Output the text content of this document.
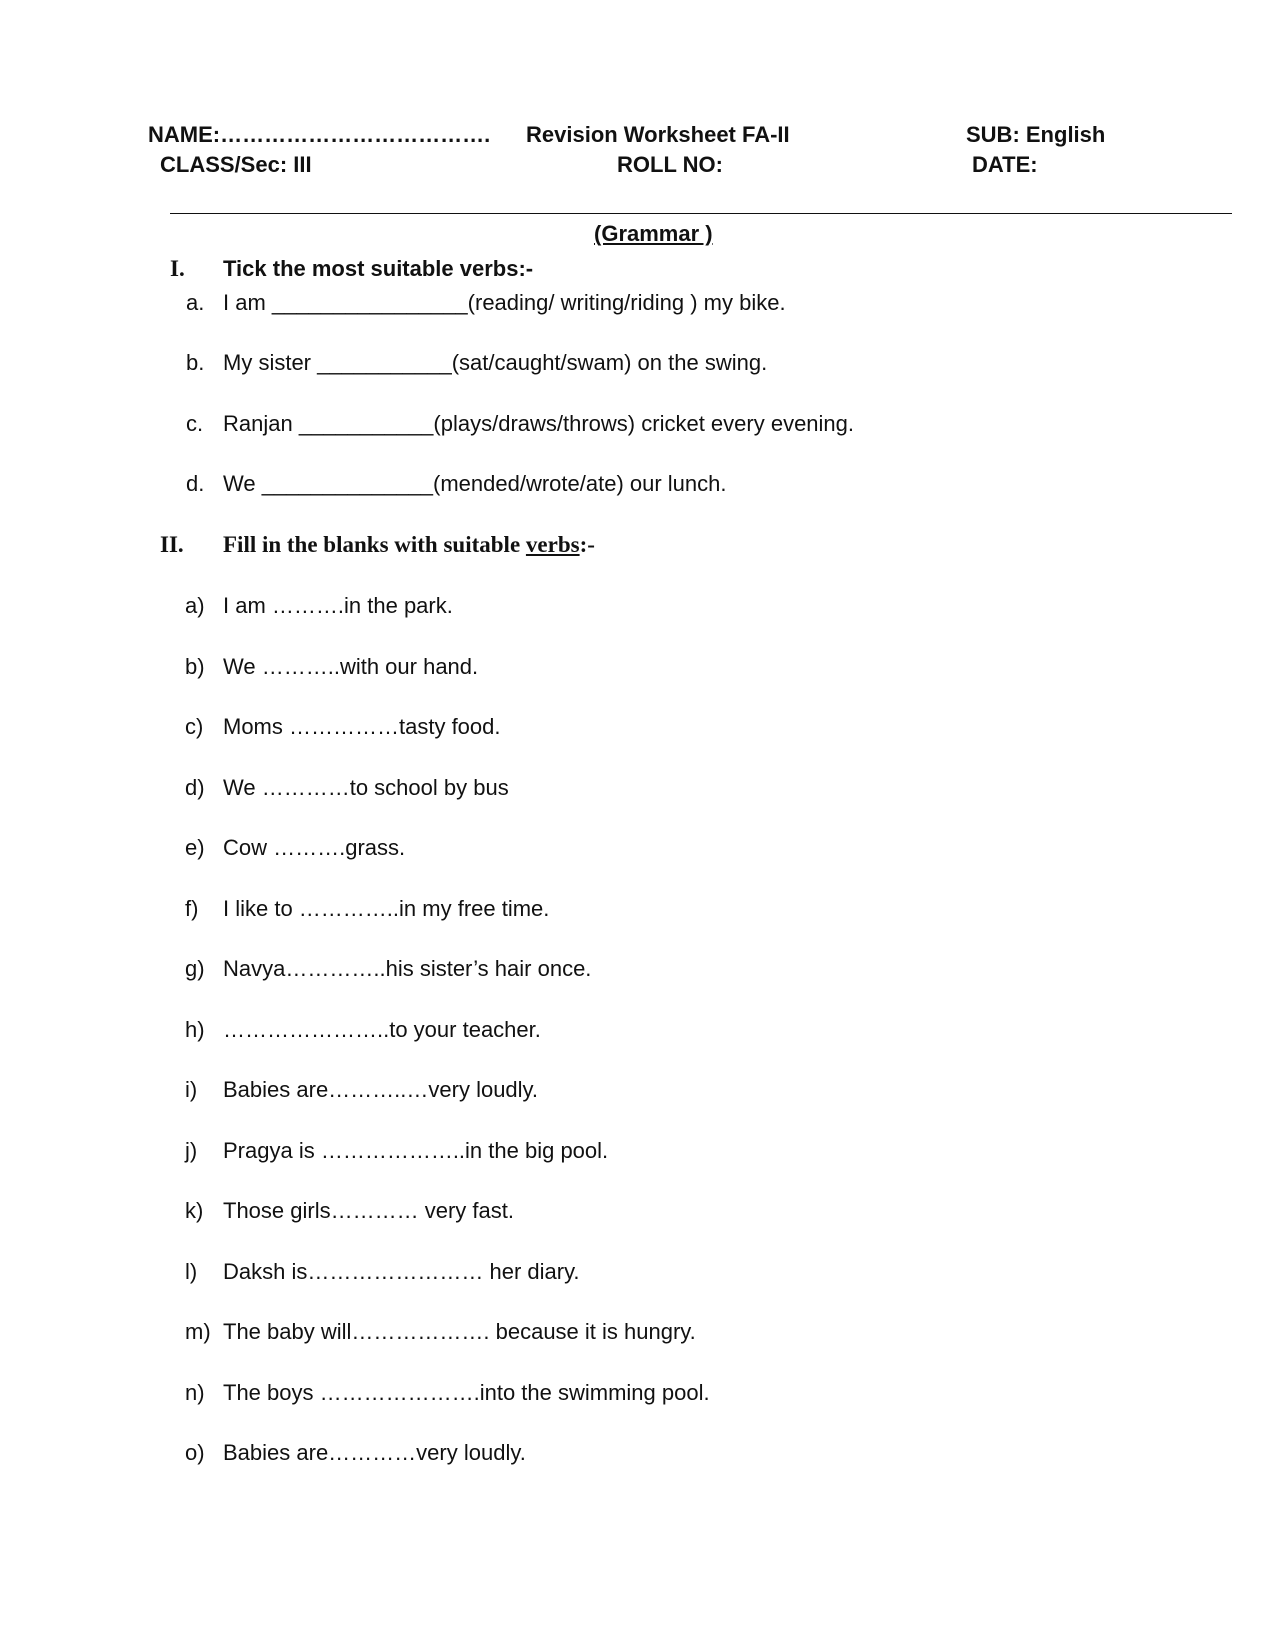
NAME:………………………………. Revision Worksheet FA-II	SUB: English
CLASS/Sec: III	ROLL NO:	DATE:
(Grammar )
I. Tick the most suitable verbs:-
a. I am ________________(reading/ writing/riding ) my bike.
b. My sister ___________(sat/caught/swam) on the swing.
c. Ranjan ___________(plays/draws/throws) cricket every evening.
d. We ______________(mended/wrote/ate) our lunch.
II. Fill in the blanks with suitable verbs:-
a) I am ……….in the park.
b) We ………..with our hand.
c) Moms ……………tasty food.
d) We …………to school by bus
e) Cow ……….grass.
f) I like to …………..in my free time.
g) Navya…………..his sister’s hair once.
h) …………………..to your teacher.
i) Babies are………..…very loudly.
j) Pragya is ………………..in the big pool.
k) Those girls………… very fast.
l) Daksh is…………………… her diary.
m) The baby will………………. because it is hungry.
n) The boys ………………….into the swimming pool.
o) Babies are…………very loudly.
